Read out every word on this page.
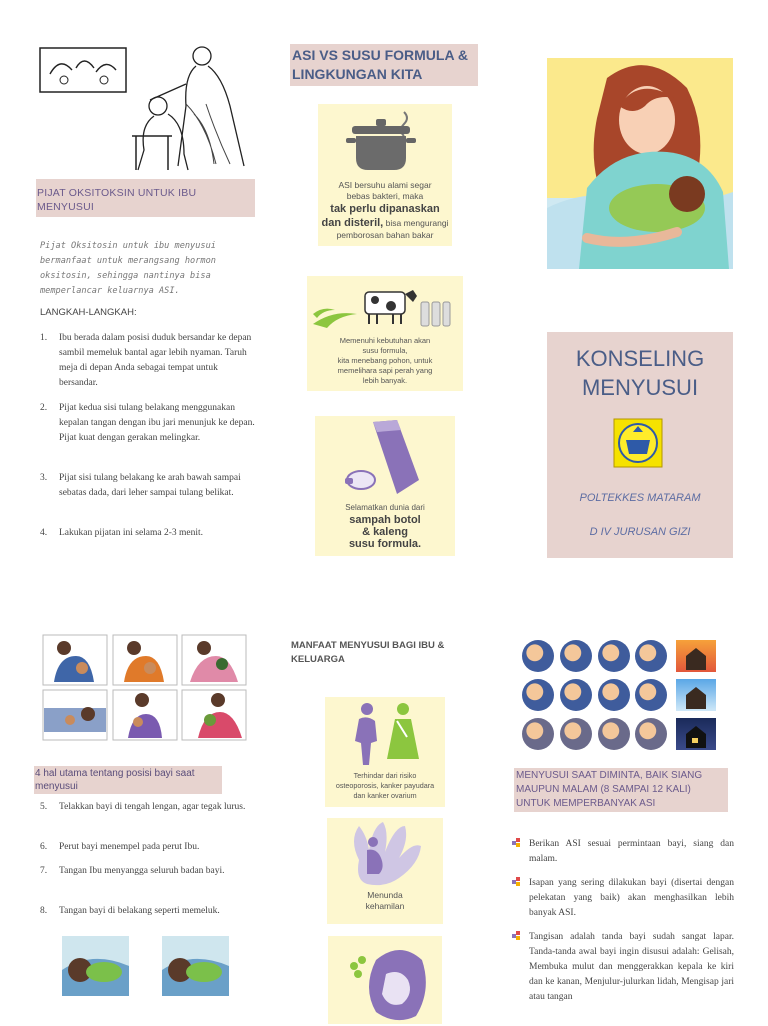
PIJAT OKSITOKSIN UNTUK IBU MENYUSUI
Pijat Oksitosin untuk ibu menyusui bermanfaat untuk merangsang hormon oksitosin, sehingga nantinya bisa memperlancar keluarnya ASI.
LANGKAH-LANGKAH:
1. Ibu berada dalam posisi duduk bersandar ke depan sambil memeluk bantal agar lebih nyaman. Taruh meja di depan Anda sebagai tempat untuk bersandar.
2. Pijat kedua sisi tulang belakang menggunakan kepalan tangan dengan ibu jari menunjuk ke depan. Pijat kuat dengan gerakan melingkar.
3. Pijat sisi tulang belakang ke arah bawah sampai sebatas dada, dari leher sampai tulang belikat.
4. Lakukan pijatan ini selama 2-3 menit.
ASI VS SUSU FORMULA & LINGKUNGAN KITA
ASI bersuhu alami segar
bebas bakteri, maka
tak perlu dipanaskan
dan disteril, bisa mengurangi
pemborosan bahan bakar
Memenuhi kebutuhan akan
susu formula,
kita menebang pohon, untuk
memelihara sapi perah yang
lebih banyak.
Selamatkan dunia dari
sampah botol
& kaleng
susu formula.
KONSELING MENYUSUI
POLTEKKES MATARAM
D IV JURUSAN GIZI
4 hal utama tentang posisi bayi saat menyusui
5. Telakkan bayi di tengah lengan, agar tegak lurus.
6. Perut bayi menempel pada perut Ibu.
7. Tangan Ibu menyangga seluruh badan bayi.
8. Tangan bayi di belakang seperti memeluk.
MANFAAT MENYUSUI BAGI IBU & KELUARGA
Terhindar dari risiko
osteoporosis, kanker payudara
dan kanker ovarium
Menunda
kehamilan
MENYUSUI SAAT DIMINTA, BAIK SIANG MAUPUN MALAM (8 SAMPAI 12 KALI) UNTUK MEMPERBANYAK ASI
Berikan ASI sesuai permintaan bayi, siang dan malam.
Isapan yang sering dilakukan bayi (disertai dengan pelekatan yang baik) akan menghasilkan lebih banyak ASI.
Tangisan adalah tanda bayi sudah sangat lapar. Tanda-tanda awal bayi ingin disusui adalah: Gelisah, Membuka mulut dan menggerakkan kepala ke kiri dan ke kanan, Menjulur-julurkan lidah, Mengisap jari atau tangan
